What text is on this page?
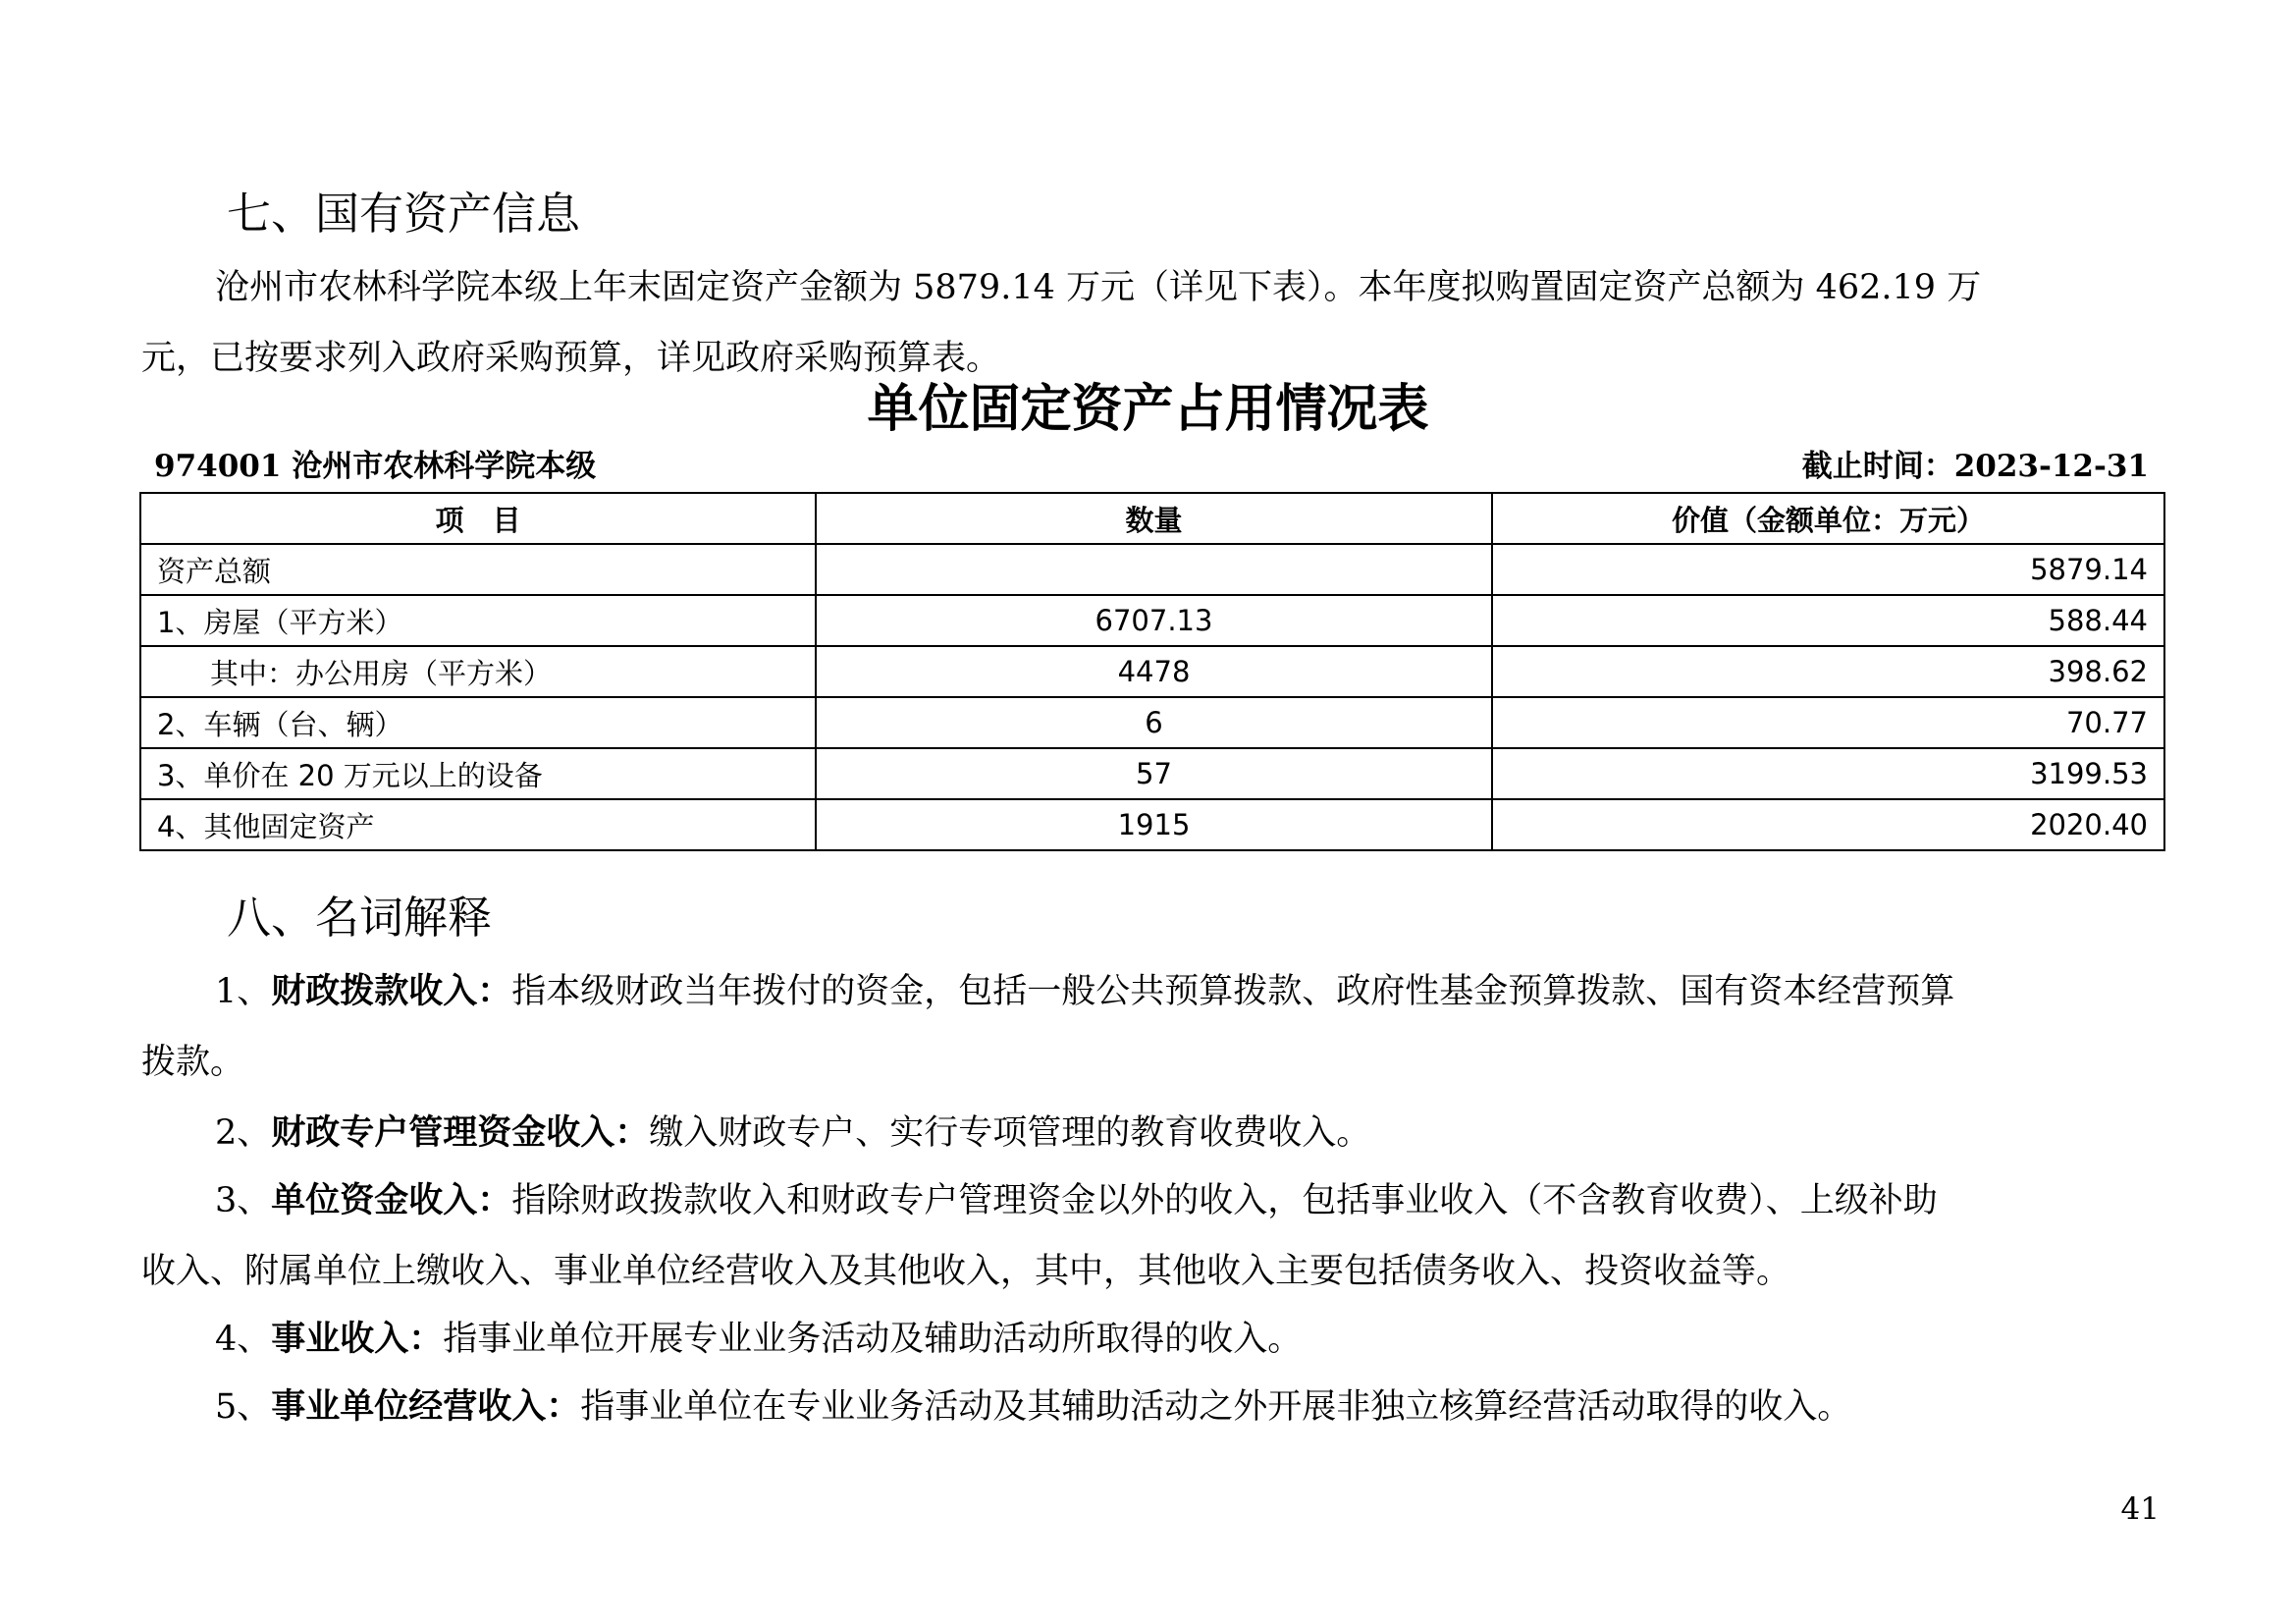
七、国有资产信息
沧州市农林科学院本级上年末固定资产金额为 5879.14 万元（详见下表）。本年度拟购置固定资产总额为 462.19 万
元，已按要求列入政府采购预算，详见政府采购预算表。
单位固定资产占用情况表
974001 沧州市农林科学院本级	截止时间：2023-12-31
项　目	数量	价值（金额单位：万元）
资产总额		5879.14
1、房屋（平方米）	6707.13	588.44
其中：办公用房（平方米）	4478	398.62
2、车辆（台、辆）	6	70.77
3、单价在 20 万元以上的设备	57	3199.53
4、其他固定资产	1915	2020.40
八、名词解释
1、财政拨款收入：指本级财政当年拨付的资金，包括一般公共预算拨款、政府性基金预算拨款、国有资本经营预算
拨款。
2、财政专户管理资金收入：缴入财政专户、实行专项管理的教育收费收入。
3、单位资金收入：指除财政拨款收入和财政专户管理资金以外的收入，包括事业收入（不含教育收费）、上级补助
收入、附属单位上缴收入、事业单位经营收入及其他收入，其中，其他收入主要包括债务收入、投资收益等。
4、事业收入：指事业单位开展专业业务活动及辅助活动所取得的收入。
5、事业单位经营收入：指事业单位在专业业务活动及其辅助活动之外开展非独立核算经营活动取得的收入。
41
